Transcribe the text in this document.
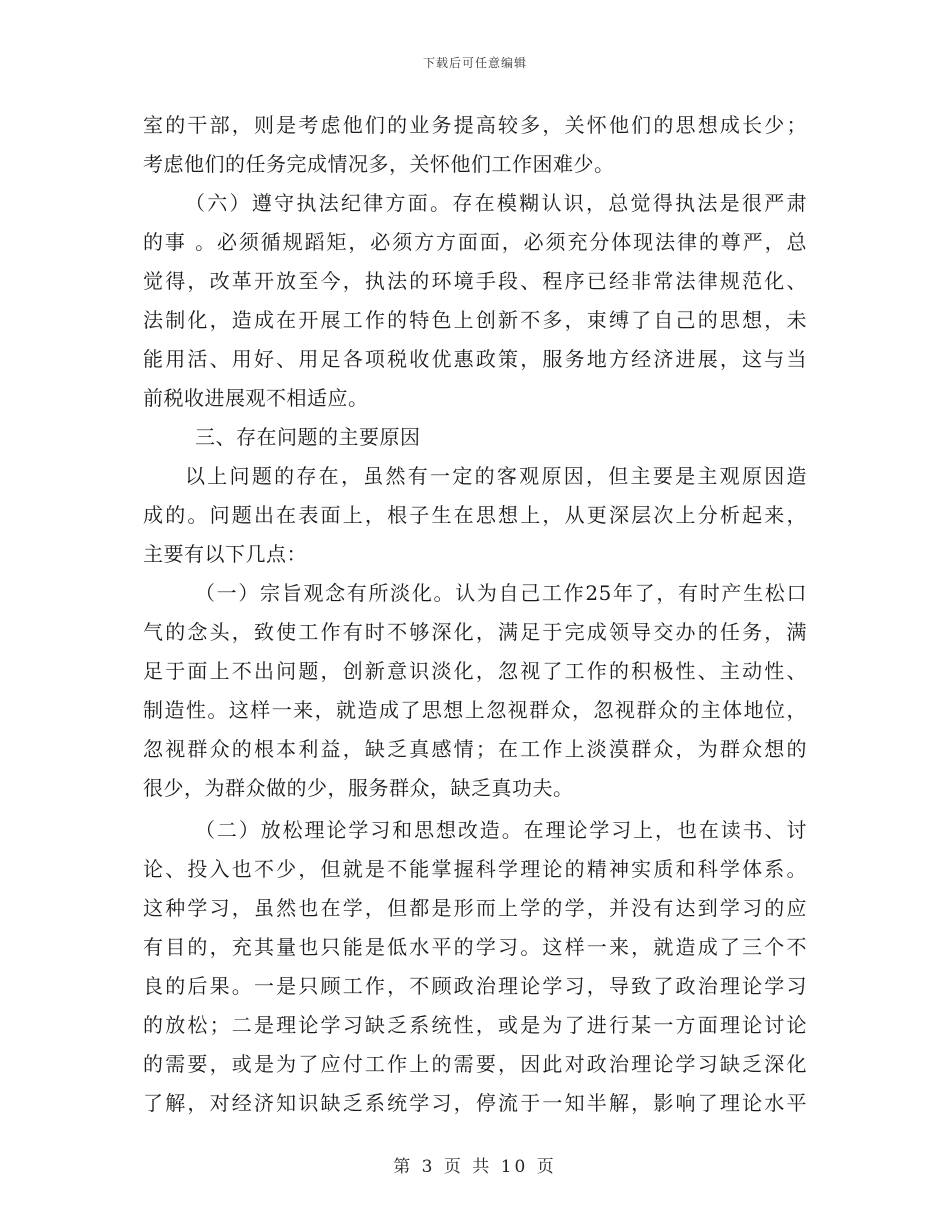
下载后可任意编辑
室的干部，则是考虑他们的业务提高较多，关怀他们的思想成长少；
考虑他们的任务完成情况多，关怀他们工作困难少。
（六）遵守执法纪律方面。存在模糊认识，总觉得执法是很严肃
的事 。必须循规蹈矩，必须方方面面，必须充分体现法律的尊严，总
觉得，改革开放至今，执法的环境手段、程序已经非常法律规范化、
法制化，造成在开展工作的特色上创新不多，束缚了自己的思想，未
能用活、用好、用足各项税收优惠政策，服务地方经济进展，这与当
前税收进展观不相适应。
三、存在问题的主要原因
以上问题的存在，虽然有一定的客观原因，但主要是主观原因造
成的。问题出在表面上，根子生在思想上，从更深层次上分析起来，
主要有以下几点：
（一）宗旨观念有所淡化。认为自己工作25年了，有时产生松口
气的念头，致使工作有时不够深化，满足于完成领导交办的任务，满
足于面上不出问题，创新意识淡化，忽视了工作的积极性、主动性、
制造性。这样一来，就造成了思想上忽视群众，忽视群众的主体地位，
忽视群众的根本利益，缺乏真感情；在工作上淡漠群众，为群众想的
很少，为群众做的少，服务群众，缺乏真功夫。
（二）放松理论学习和思想改造。在理论学习上，也在读书、讨
论、投入也不少，但就是不能掌握科学理论的精神实质和科学体系。
这种学习，虽然也在学，但都是形而上学的学，并没有达到学习的应
有目的，充其量也只能是低水平的学习。这样一来，就造成了三个不
良的后果。一是只顾工作，不顾政治理论学习，导致了政治理论学习
的放松；二是理论学习缺乏系统性，或是为了进行某一方面理论讨论
的需要，或是为了应付工作上的需要，因此对政治理论学习缺乏深化
了解，对经济知识缺乏系统学习，停流于一知半解，影响了理论水平
第 3 页 共 10 页
